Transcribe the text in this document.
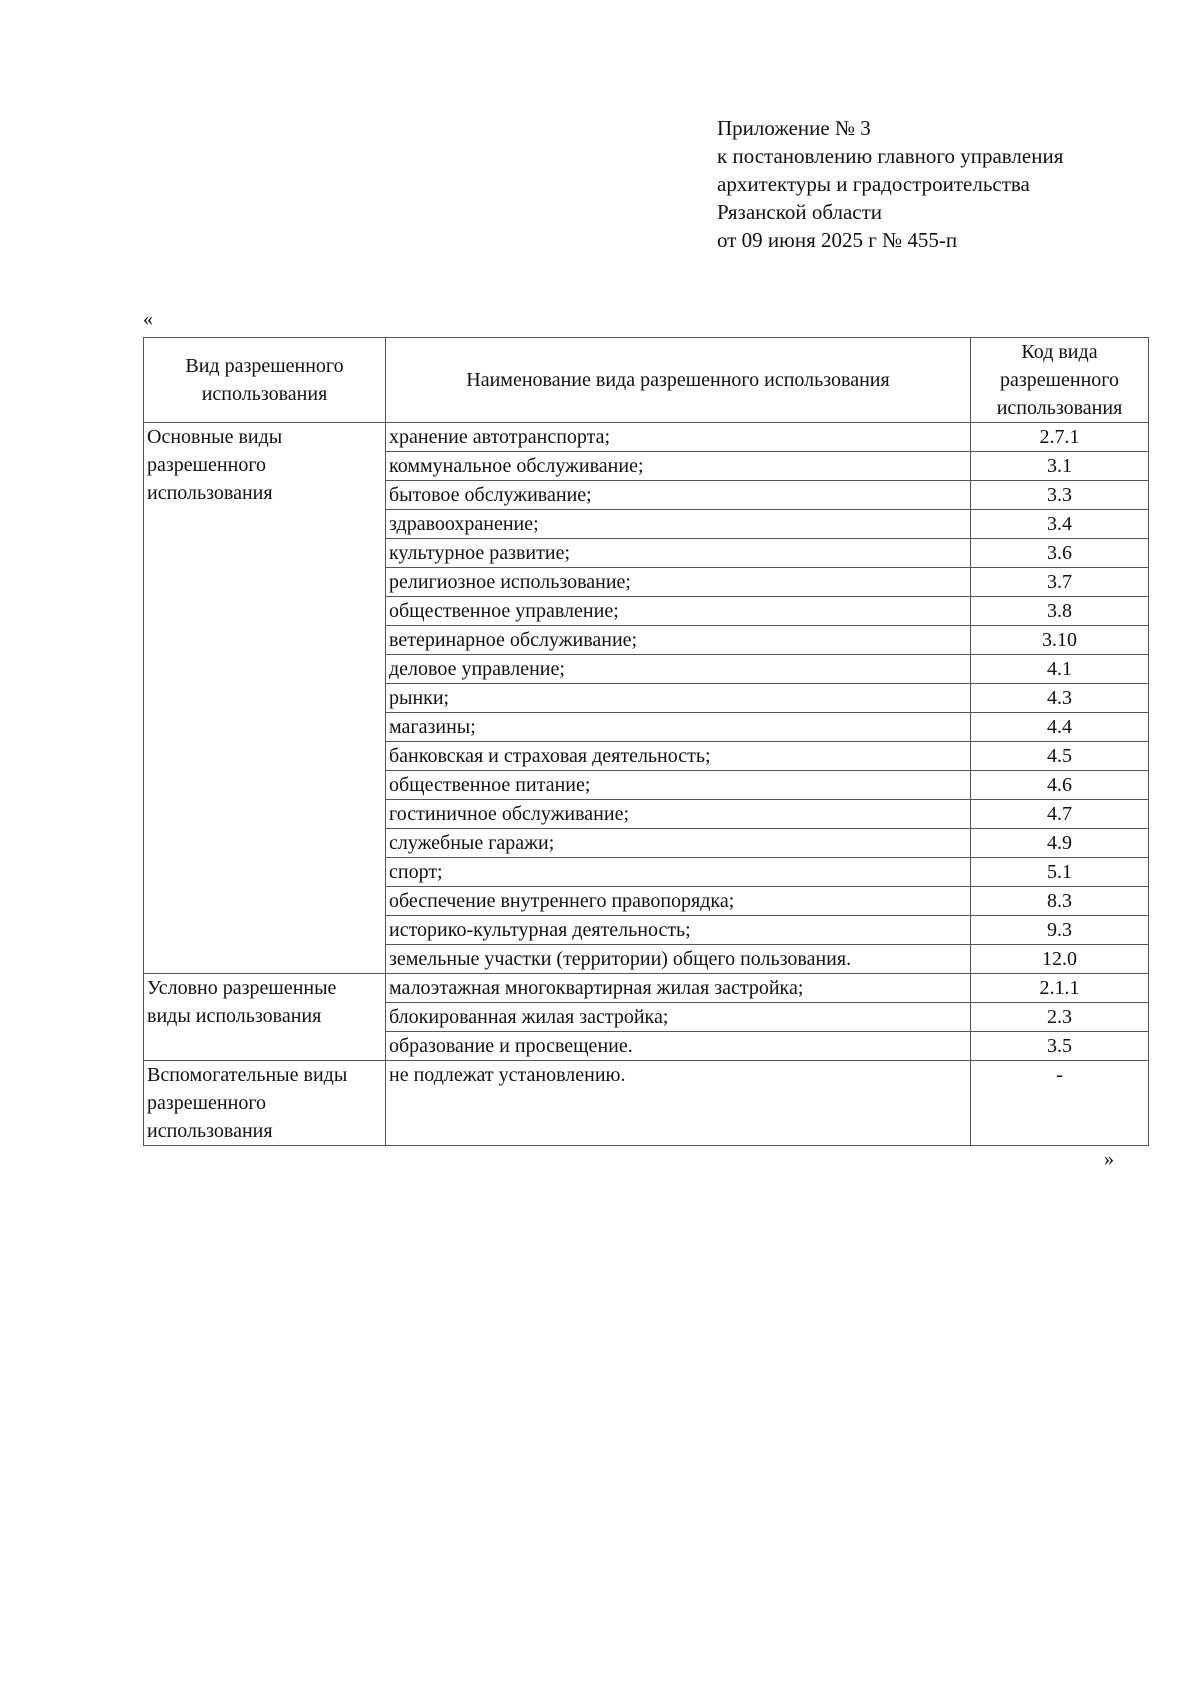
Приложение № 3
к постановлению главного управления
архитектуры и градостроительства
Рязанской области
от 09 июня 2025 г № 455-п
«
Вид разрешенного использования	Наименование вида разрешенного использования	Код вида разрешенного использования
Основные виды разрешенного использования	хранение автотранспорта;	2.7.1
	коммунальное обслуживание;	3.1
	бытовое обслуживание;	3.3
	здравоохранение;	3.4
	культурное развитие;	3.6
	религиозное использование;	3.7
	общественное управление;	3.8
	ветеринарное обслуживание;	3.10
	деловое управление;	4.1
	рынки;	4.3
	магазины;	4.4
	банковская и страховая деятельность;	4.5
	общественное питание;	4.6
	гостиничное обслуживание;	4.7
	служебные гаражи;	4.9
	спорт;	5.1
	обеспечение внутреннего правопорядка;	8.3
	историко-культурная деятельность;	9.3
	земельные участки (территории) общего пользования.	12.0
Условно разрешенные виды использования	малоэтажная многоквартирная жилая застройка;	2.1.1
	блокированная жилая застройка;	2.3
	образование и просвещение.	3.5
Вспомогательные виды разрешенного использования	не подлежат установлению.	-
»
